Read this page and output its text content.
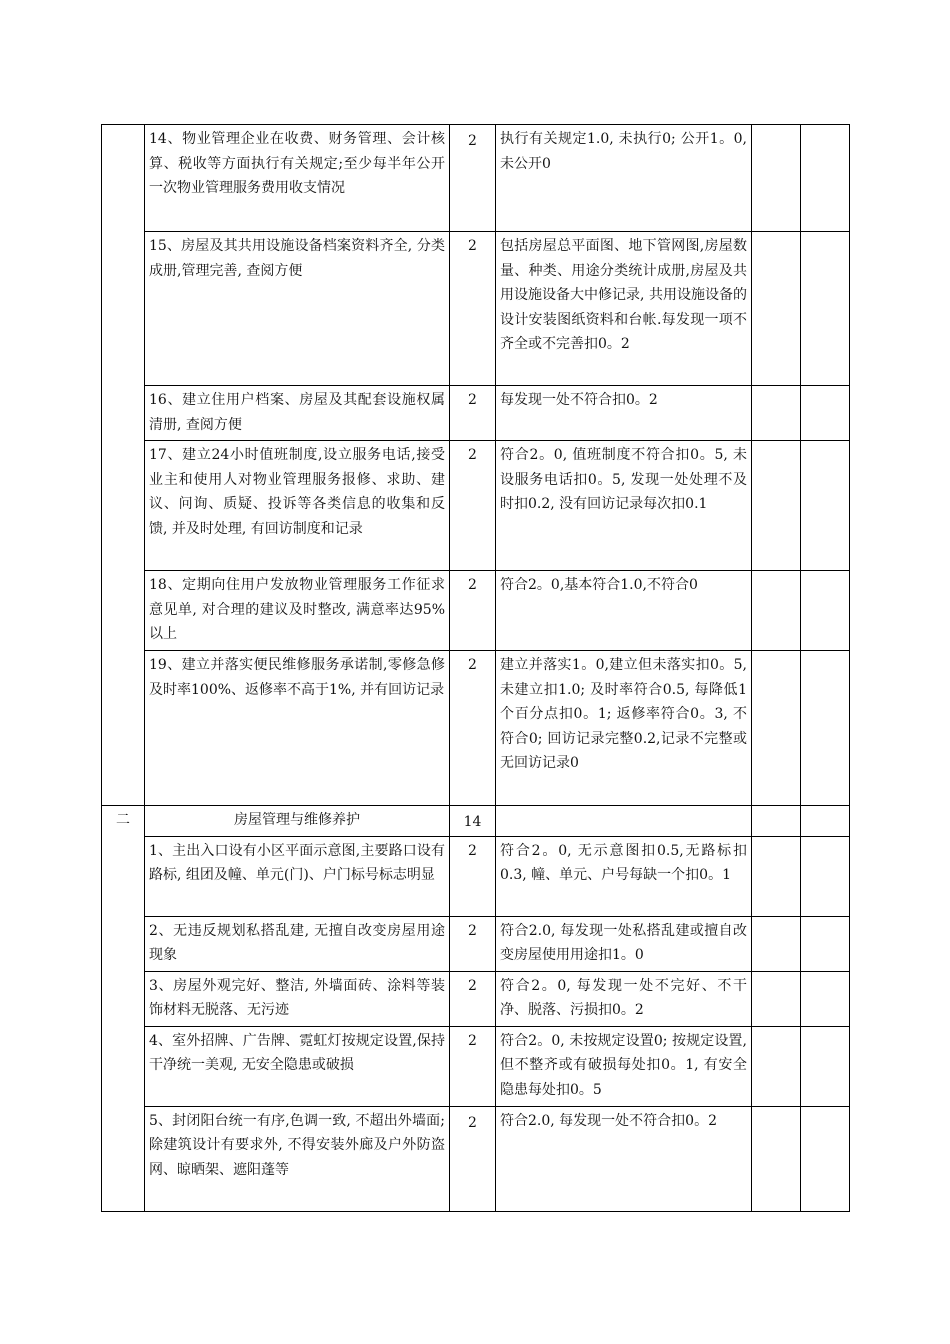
	14、物业管理企业在收费、财务管理、会计核算、税收等方面执行有关规定;至少每半年公开一次物业管理服务费用收支情况	2	执行有关规定1.0, 未执行0; 公开1。0,未公开0		
	15、房屋及其共用设施设备档案资料齐全, 分类成册,管理完善, 查阅方便	2	包括房屋总平面图、地下管网图,房屋数量、种类、用途分类统计成册,房屋及共用设施设备大中修记录, 共用设施设备的设计安装图纸资料和台帐.每发现一项不齐全或不完善扣0。2		
	16、建立住用户档案、房屋及其配套设施权属清册, 查阅方便	2	每发现一处不符合扣0。2		
	17、建立24小时值班制度,设立服务电话,接受业主和使用人对物业管理服务报修、求助、建议、问询、质疑、投诉等各类信息的收集和反馈, 并及时处理, 有回访制度和记录	2	符合2。0, 值班制度不符合扣0。5, 未设服务电话扣0。5, 发现一处处理不及时扣0.2, 没有回访记录每次扣0.1		
	18、定期向住用户发放物业管理服务工作征求意见单, 对合理的建议及时整改, 满意率达95%以上	2	符合2。0,基本符合1.0,不符合0		
	19、建立并落实便民维修服务承诺制,零修急修及时率100%、返修率不高于1%, 并有回访记录	2	建立并落实1。0,建立但未落实扣0。5,未建立扣1.0; 及时率符合0.5, 每降低1个百分点扣0。1; 返修率符合0。3, 不符合0; 回访记录完整0.2,记录不完整或无回访记录0		
二	房屋管理与维修养护	14			
	1、主出入口设有小区平面示意图,主要路口设有路标, 组团及幢、单元(门)、户门标号标志明显	2	符合2。0, 无示意图扣0.5,无路标扣0.3, 幢、单元、户号每缺一个扣0。1		
	2、无违反规划私搭乱建, 无擅自改变房屋用途现象	2	符合2.0, 每发现一处私搭乱建或擅自改变房屋使用用途扣1。0		
	3、房屋外观完好、整洁, 外墙面砖、涂料等装饰材料无脱落、无污迹	2	符合2。0, 每发现一处不完好、不干净、脱落、污损扣0。2		
	4、室外招牌、广告牌、霓虹灯按规定设置,保持干净统一美观, 无安全隐患或破损	2	符合2。0, 未按规定设置0; 按规定设置, 但不整齐或有破损每处扣0。1, 有安全隐患每处扣0。5		
	5、封闭阳台统一有序,色调一致, 不超出外墙面; 除建筑设计有要求外, 不得安装外廊及户外防盗网、晾晒架、遮阳蓬等	2	符合2.0, 每发现一处不符合扣0。2		
